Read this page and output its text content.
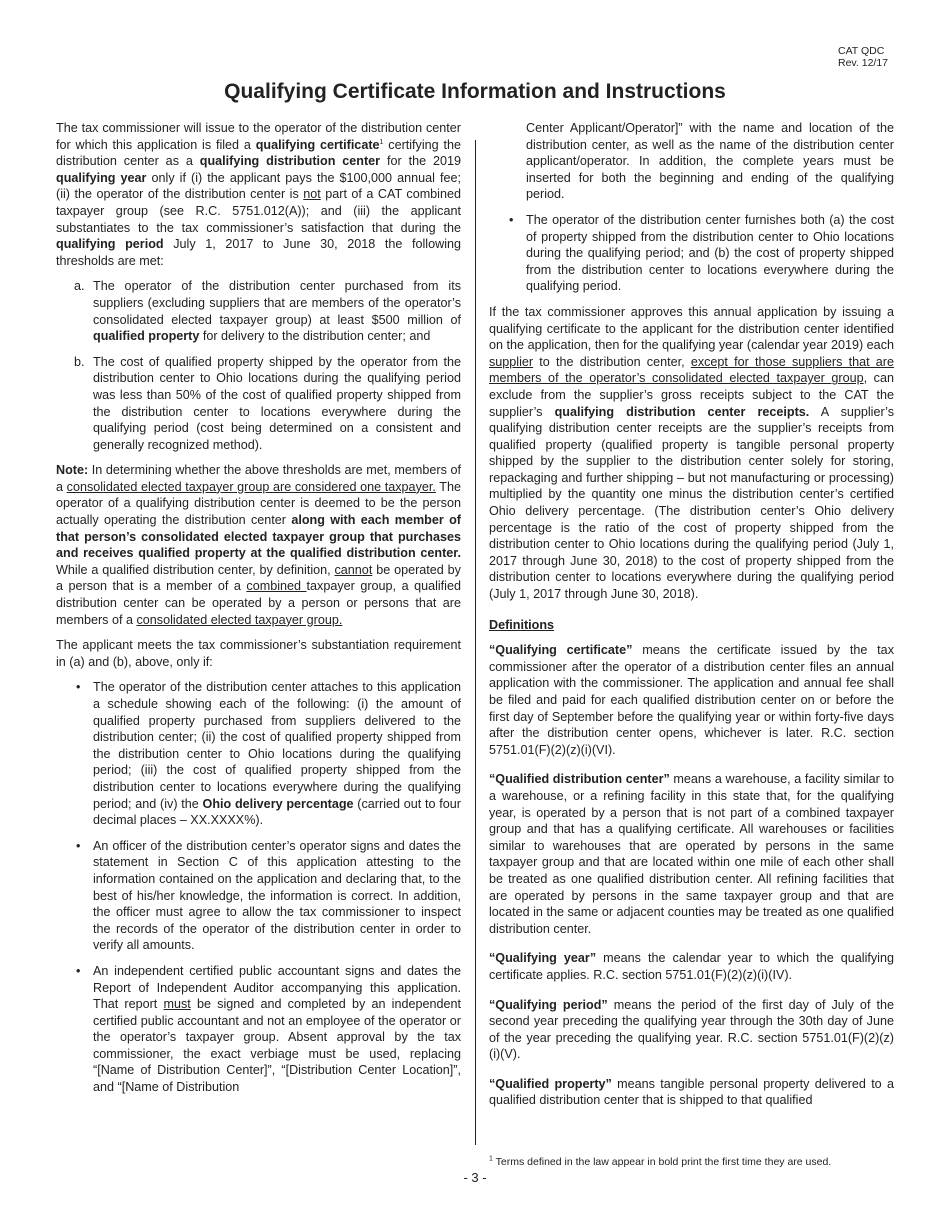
CAT QDC
Rev. 12/17
Qualifying Certificate Information and Instructions

The tax commissioner will issue to the operator of the distribution center for which this application is filed a qualifying certificate$^1$ certifying the distribution center as a qualifying distribution center for the 2019 qualifying year only if (i) the applicant pays the $100,000 annual fee; (ii) the operator of the distribution center is not part of a CAT combined taxpayer group (see R.C. 5751.012(A)); and (iii) the applicant substantiates to the tax commissioner’s satisfaction that during the qualifying period July 1, 2017 to June 30, 2018 the following thresholds are met:

a. The operator of the distribution center purchased from its suppliers (excluding suppliers that are members of the operator’s consolidated elected taxpayer group) at least $500 million of qualified property for delivery to the distribution center; and
b. The cost of qualified property shipped by the operator from the distribution center to Ohio locations during the qualifying period was less than 50% of the cost of qualified property shipped from the distribution center to locations everywhere during the qualifying period (cost being determined on a consistent and generally recognized method).

Note: In determining whether the above thresholds are met, members of a consolidated elected taxpayer group are considered one taxpayer. The operator of a qualifying distribution center is deemed to be the person actually operating the distribution center along with each member of that person’s consolidated elected taxpayer group that purchases and receives qualified property at the qualified distribution center. While a qualified distribution center, by definition, cannot be operated by a person that is a member of a combined taxpayer group, a qualified distribution center can be operated by a person or persons that are members of a consolidated elected taxpayer group.

The applicant meets the tax commissioner’s substantiation requirement in (a) and (b), above, only if:

• The operator of the distribution center attaches to this application a schedule showing each of the following: (i) the amount of qualified property purchased from suppliers delivered to the distribution center; (ii) the cost of qualified property shipped from the distribution center to Ohio locations during the qualifying period; (iii) the cost of qualified property shipped from the distribution center to locations everywhere during the qualifying period; and (iv) the Ohio delivery percentage (carried out to four decimal places – XX.XXXX%).
• An officer of the distribution center’s operator signs and dates the statement in Section C of this application attesting to the information contained on the application and declaring that, to the best of his/her knowledge, the information is correct. In addition, the officer must agree to allow the tax commissioner to inspect the records of the operator of the distribution center in order to verify all amounts.
• An independent certified public accountant signs and dates the Report of Independent Auditor accompanying this application. That report must be signed and completed by an independent certified public accountant and not an employee of the operator or the operator’s taxpayer group. Absent approval by the tax commissioner, the exact verbiage must be used, replacing “[Name of Distribution Center]”, “[Distribution Center Location]”, and “[Name of Distribution

Center Applicant/Operator]” with the name and location of the distribution center, as well as the name of the distribution center applicant/operator. In addition, the complete years must be inserted for both the beginning and ending of the qualifying period.

• The operator of the distribution center furnishes both (a) the cost of property shipped from the distribution center to Ohio locations during the qualifying period; and (b) the cost of property shipped from the distribution center to locations everywhere during the qualifying period.

If the tax commissioner approves this annual application by issuing a qualifying certificate to the applicant for the distribution center identified on the application, then for the qualifying year (calendar year 2019) each supplier to the distribution center, except for those suppliers that are members of the operator’s consolidated elected taxpayer group, can exclude from the supplier’s gross receipts subject to the CAT the supplier’s qualifying distribution center receipts. A supplier’s qualifying distribution center receipts are the supplier’s receipts from qualified property (qualified property is tangible personal property shipped by the supplier to the distribution center solely for storing, repackaging and further shipping – but not manufacturing or processing) multiplied by the quantity one minus the distribution center’s certified Ohio delivery percentage. (The distribution center’s Ohio delivery percentage is the ratio of the cost of property shipped from the distribution center to Ohio locations during the qualifying period (July 1, 2017 through June 30, 2018) to the cost of property shipped from the distribution center to locations everywhere during the qualifying period (July 1, 2017 through June 30, 2018).

Definitions

“Qualifying certificate” means the certificate issued by the tax commissioner after the operator of a distribution center files an annual application with the commissioner. The application and annual fee shall be filed and paid for each qualified distribution center on or before the first day of September before the qualifying year or within forty-five days after the distribution center opens, whichever is later. R.C. section 5751.01(F)(2)(z)(i)(VI).

“Qualified distribution center” means a warehouse, a facility similar to a warehouse, or a refining facility in this state that, for the qualifying year, is operated by a person that is not part of a combined taxpayer group and that has a qualifying certificate. All warehouses or facilities similar to warehouses that are operated by persons in the same taxpayer group and that are located within one mile of each other shall be treated as one qualified distribution center. All refining facilities that are operated by persons in the same taxpayer group and that are located in the same or adjacent counties may be treated as one qualified distribution center.

“Qualifying year” means the calendar year to which the qualifying certificate applies. R.C. section 5751.01(F)(2)(z)(i)(IV).

“Qualifying period” means the period of the first day of July of the second year preceding the qualifying year through the 30th day of June of the year preceding the qualifying year. R.C. section 5751.01(F)(2)(z)(i)(V).

“Qualified property” means tangible personal property delivered to a qualified distribution center that is shipped to that qualified

$^1$ Terms defined in the law appear in bold print the first time they are used.
- 3 -
